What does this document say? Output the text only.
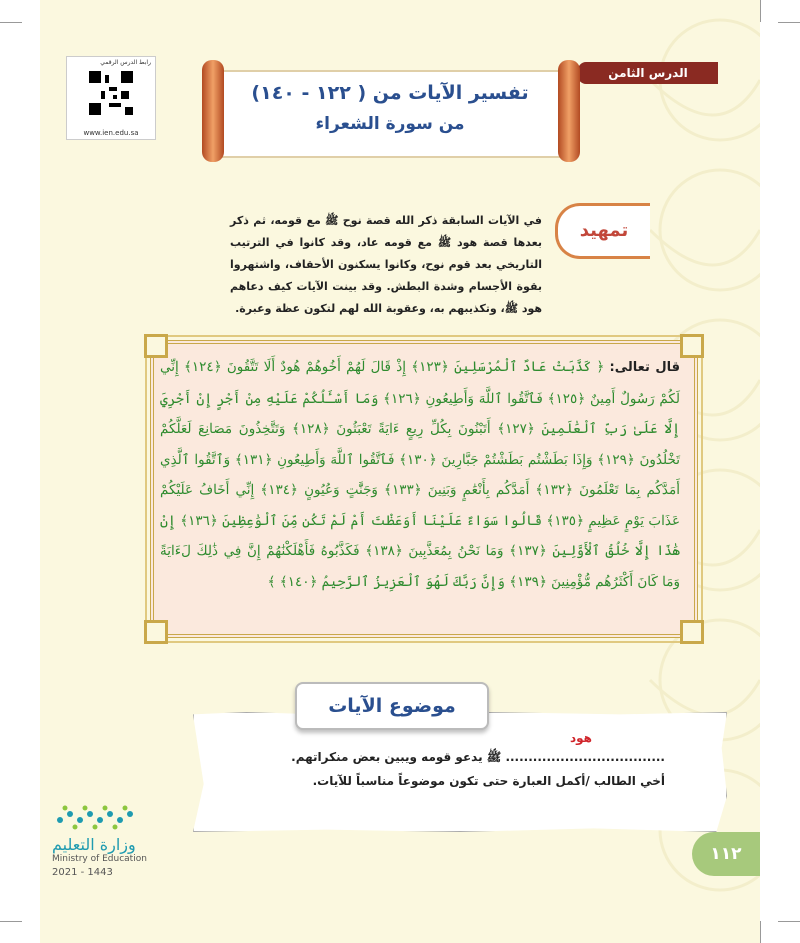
رابط الدرس الرقمي
www.ien.edu.sa
الدرس الثامن
تفسير الآيات من ( ١٢٢ - ١٤٠)
من سورة الشعراء
تمهيد
في الآيات السابقة ذكر الله قصة نوح ﷺ مع قومه، ثم ذكر بعدها قصة هود ﷺ مع قومه عاد، وقد كانوا في الترتيب التاريخي بعد قوم نوح، وكانوا يسكنون الأحقاف، واشتهروا بقوة الأجسام وشدة البطش. وقد بينت الآيات كيف دعاهم هود ﷺ، وتكذيبهم به، وعقوبة الله لهم لتكون عظة وعبرة.
قال تعالى: ﴿ كَذَّبَتْ عَادٌ ٱلْمُرْسَلِينَ ﴿١٢٣﴾ إِذْ قَالَ لَهُمْ أَخُوهُمْ هُودٌ أَلَا تَتَّقُونَ ﴿١٢٤﴾ إِنِّي لَكُمْ رَسُولٌ أَمِينٌ ﴿١٢٥﴾ فَٱتَّقُوا ٱللَّهَ وَأَطِيعُونِ ﴿١٢٦﴾ وَمَا أَسْـَٔلُكُمْ عَلَيْهِ مِنْ أَجْرٍ إِنْ أَجْرِيَ إِلَّا عَلَىٰ رَبِّ ٱلْعَٰلَمِينَ ﴿١٢٧﴾ أَتَبْنُونَ بِكُلِّ رِيعٍ ءَايَةً تَعْبَثُونَ ﴿١٢٨﴾ وَتَتَّخِذُونَ مَصَانِعَ لَعَلَّكُمْ تَخْلُدُونَ ﴿١٢٩﴾ وَإِذَا بَطَشْتُم بَطَشْتُمْ جَبَّارِينَ ﴿١٣٠﴾ فَٱتَّقُوا ٱللَّهَ وَأَطِيعُونِ ﴿١٣١﴾ وَٱتَّقُوا ٱلَّذِي أَمَدَّكُم بِمَا تَعْلَمُونَ ﴿١٣٢﴾ أَمَدَّكُم بِأَنْعَٰمٍ وَبَنِينَ ﴿١٣٣﴾ وَجَنَّٰتٍ وَعُيُونٍ ﴿١٣٤﴾ إِنِّي أَخَافُ عَلَيْكُمْ عَذَابَ يَوْمٍ عَظِيمٍ ﴿١٣٥﴾ قَالُوا سَوَاءٌ عَلَيْنَا أَوَعَظْتَ أَمْ لَمْ تَكُن مِّنَ ٱلْوَٰعِظِينَ ﴿١٣٦﴾ إِنْ هَٰذَا إِلَّا خُلُقُ ٱلْأَوَّلِينَ ﴿١٣٧﴾ وَمَا نَحْنُ بِمُعَذَّبِينَ ﴿١٣٨﴾ فَكَذَّبُوهُ فَأَهْلَكْنَٰهُمْ إِنَّ فِي ذَٰلِكَ لَءَايَةً وَمَا كَانَ أَكْثَرُهُم مُّؤْمِنِينَ ﴿١٣٩﴾ وَإِنَّ رَبَّكَ لَهُوَ ٱلْعَزِيزُ ٱلرَّحِيمُ ﴿١٤٠﴾ ﴾
موضوع الآيات
هود
................................... ﷺ يدعو قومه ويبين بعض منكراتهم.
أخي الطالب /أكمل العبارة حتى تكون موضوعاً مناسباً للآيات.
وزارة التعليم
Ministry of Education
2021 - 1443
١١٢
